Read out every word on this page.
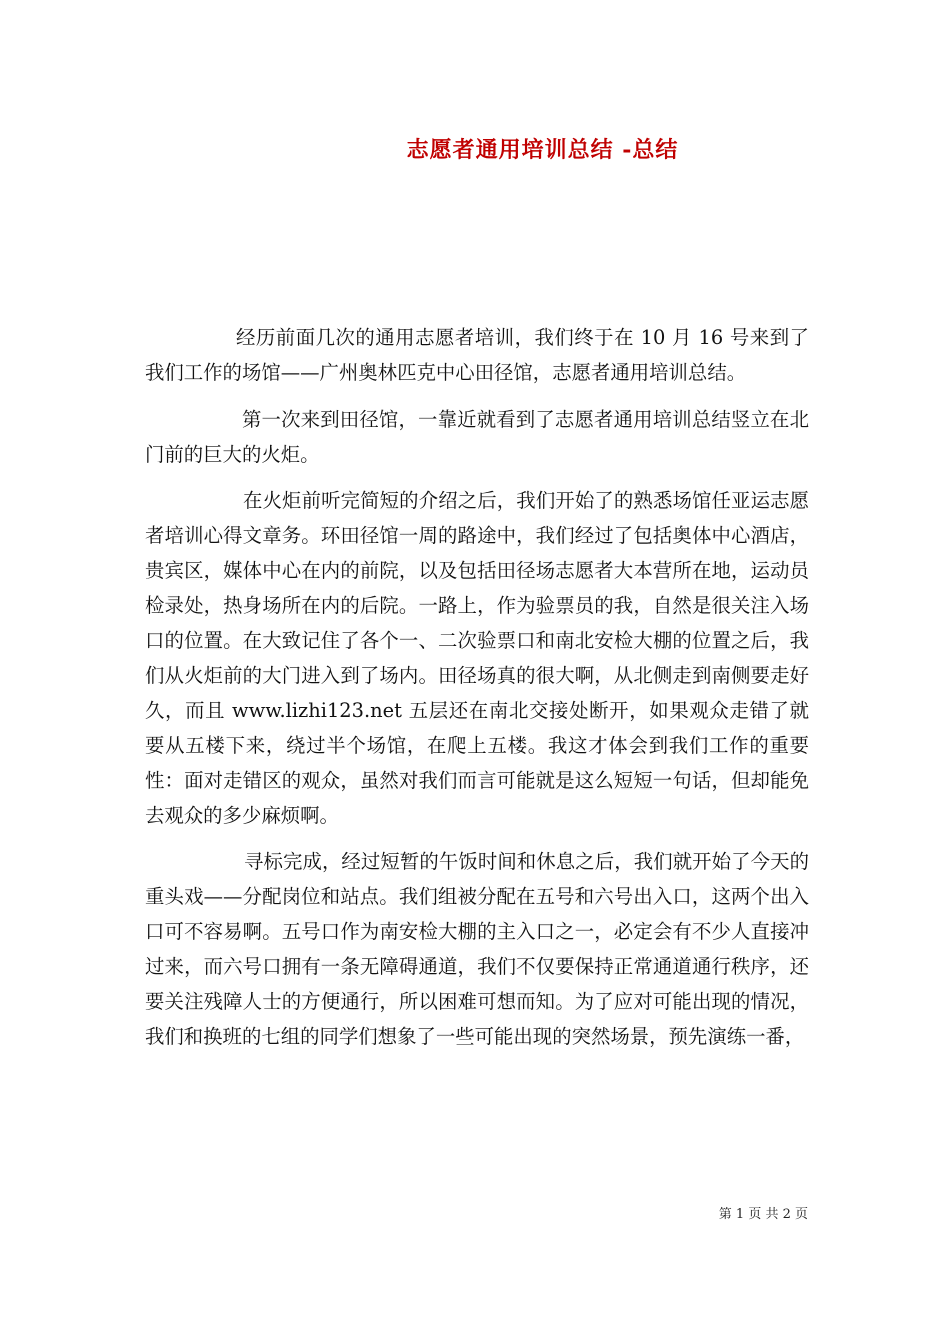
志愿者通用培训总结 -总结

经历前面几次的通用志愿者培训，我们终于在 10 月 16 号来到了我们工作的场馆——广州奥林匹克中心田径馆，志愿者通用培训总结。

第一次来到田径馆，一靠近就看到了志愿者通用培训总结竖立在北门前的巨大的火炬。

在火炬前听完简短的介绍之后，我们开始了的熟悉场馆任亚运志愿者培训心得文章务。环田径馆一周的路途中，我们经过了包括奥体中心酒店，贵宾区，媒体中心在内的前院，以及包括田径场志愿者大本营所在地，运动员检录处，热身场所在内的后院。一路上，作为验票员的我，自然是很关注入场口的位置。在大致记住了各个一、二次验票口和南北安检大棚的位置之后，我们从火炬前的大门进入到了场内。田径场真的很大啊，从北侧走到南侧要走好久，而且 www.lizhi123.net 五层还在南北交接处断开，如果观众走错了就要从五楼下来，绕过半个场馆，在爬上五楼。我这才体会到我们工作的重要性：面对走错区的观众，虽然对我们而言可能就是这么短短一句话，但却能免去观众的多少麻烦啊。

寻标完成，经过短暂的午饭时间和休息之后，我们就开始了今天的重头戏——分配岗位和站点。我们组被分配在五号和六号出入口，这两个出入口可不容易啊。五号口作为南安检大棚的主入口之一，必定会有不少人直接冲过来，而六号口拥有一条无障碍通道，我们不仅要保持正常通道通行秩序，还要关注残障人士的方便通行，所以困难可想而知。为了应对可能出现的情况，我们和换班的七组的同学们想象了一些可能出现的突然场景，预先演练一番，

第 1 页 共 2 页
